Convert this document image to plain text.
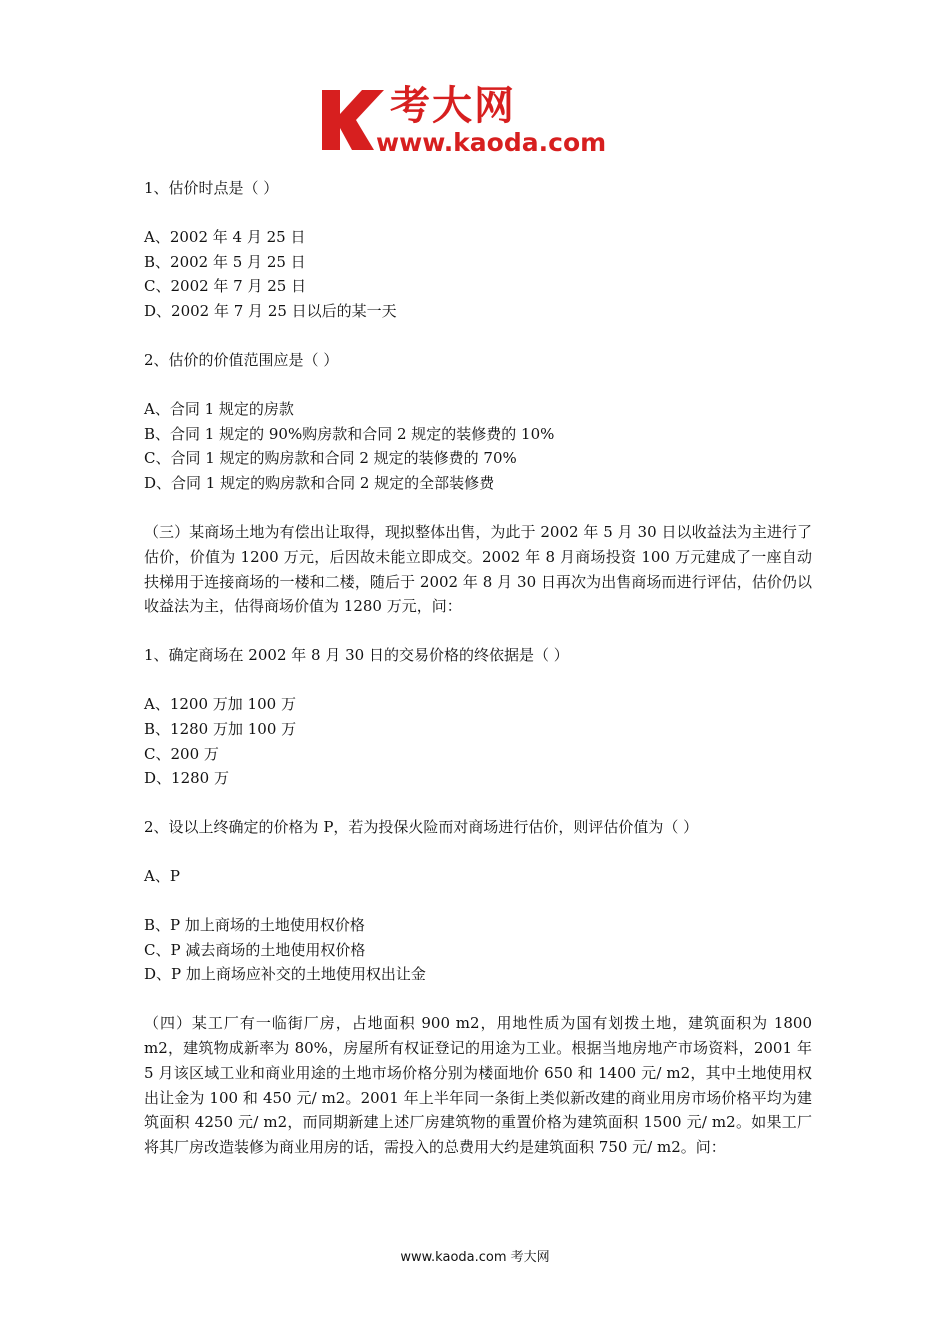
考大网
www.kaoda.com

1、估价时点是（ ）

A、2002 年 4 月 25 日

B、2002 年 5 月 25 日

C、2002 年 7 月 25 日

D、2002 年 7 月 25 日以后的某一天

2、估价的价值范围应是（ ）

A、合同 1 规定的房款

B、合同 1 规定的 90%购房款和合同 2 规定的装修费的 10%

C、合同 1 规定的购房款和合同 2 规定的装修费的 70%

D、合同 1 规定的购房款和合同 2 规定的全部装修费

（三）某商场土地为有偿出让取得，现拟整体出售，为此于 2002 年 5 月 30 日以收益法为主进行了估价，价值为 1200 万元，后因故未能立即成交。2002 年 8 月商场投资 100 万元建成了一座自动扶梯用于连接商场的一楼和二楼，随后于 2002 年 8 月 30 日再次为出售商场而进行评估，估价仍以收益法为主，估得商场价值为 1280 万元，问：

1、确定商场在 2002 年 8 月 30 日的交易价格的终依据是（ ）

A、1200 万加 100 万

B、1280 万加 100 万

C、200 万

D、1280 万

2、设以上终确定的价格为 P，若为投保火险而对商场进行估价，则评估价值为（ ）

A、P

B、P 加上商场的土地使用权价格

C、P 减去商场的土地使用权价格

D、P 加上商场应补交的土地使用权出让金

（四）某工厂有一临街厂房，占地面积 900 m2，用地性质为国有划拨土地，建筑面积为 1800 m2，建筑物成新率为 80%，房屋所有权证登记的用途为工业。根据当地房地产市场资料，2001 年 5 月该区域工业和商业用途的土地市场价格分别为楼面地价 650 和 1400 元/ m2，其中土地使用权出让金为 100 和 450 元/ m2。2001 年上半年同一条街上类似新改建的商业用房市场价格平均为建筑面积 4250 元/ m2，而同期新建上述厂房建筑物的重置价格为建筑面积 1500 元/ m2。如果工厂将其厂房改造装修为商业用房的话，需投入的总费用大约是建筑面积 750 元/ m2。问：

www.kaoda.com 考大网
